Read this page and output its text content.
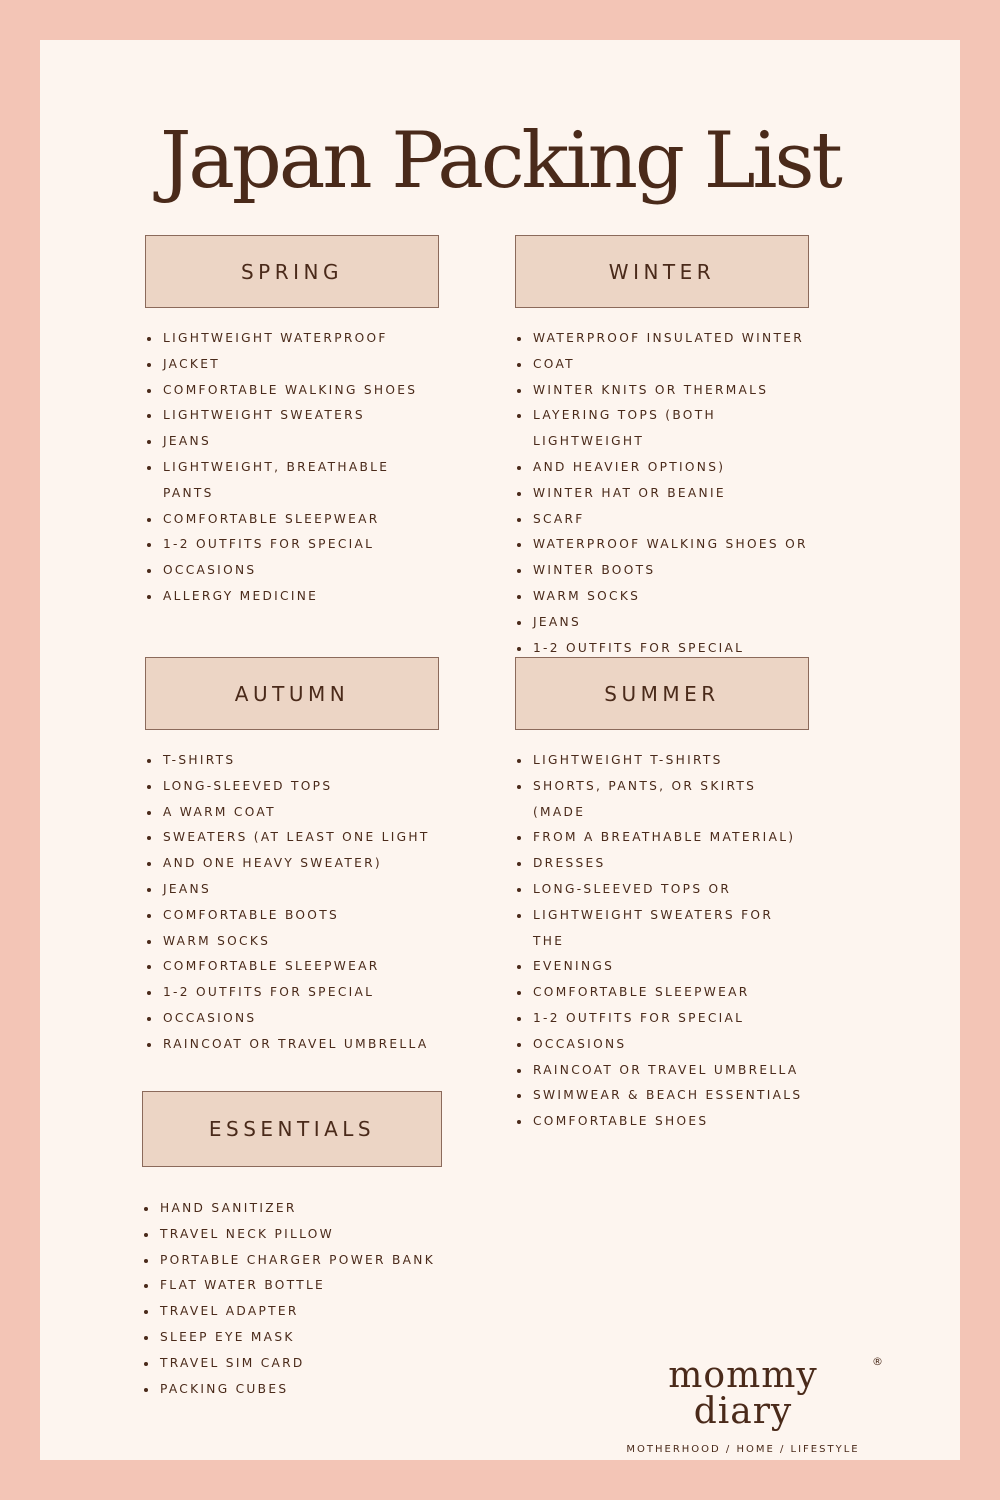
Japan Packing List
SPRING
LIGHTWEIGHT WATERPROOF
JACKET
COMFORTABLE WALKING SHOES
LIGHTWEIGHT SWEATERS
JEANS
LIGHTWEIGHT, BREATHABLE PANTS
COMFORTABLE SLEEPWEAR
1-2 OUTFITS FOR SPECIAL
OCCASIONS
ALLERGY MEDICINE
WINTER
WATERPROOF INSULATED WINTER
COAT
WINTER KNITS OR THERMALS
LAYERING TOPS (BOTH LIGHTWEIGHT
AND HEAVIER OPTIONS)
WINTER HAT OR BEANIE
SCARF
WATERPROOF WALKING SHOES OR
WINTER BOOTS
WARM SOCKS
JEANS
1-2 OUTFITS FOR SPECIAL
AUTUMN
T-SHIRTS
LONG-SLEEVED TOPS
A WARM COAT
SWEATERS (AT LEAST ONE LIGHT
AND ONE HEAVY SWEATER)
JEANS
COMFORTABLE BOOTS
WARM SOCKS
COMFORTABLE SLEEPWEAR
1-2 OUTFITS FOR SPECIAL
OCCASIONS
RAINCOAT OR TRAVEL UMBRELLA
SUMMER
LIGHTWEIGHT T-SHIRTS
SHORTS, PANTS, OR SKIRTS (MADE
FROM A BREATHABLE MATERIAL)
DRESSES
LONG-SLEEVED TOPS OR
LIGHTWEIGHT SWEATERS FOR THE
EVENINGS
COMFORTABLE SLEEPWEAR
1-2 OUTFITS FOR SPECIAL
OCCASIONS
RAINCOAT OR TRAVEL UMBRELLA
SWIMWEAR & BEACH ESSENTIALS
COMFORTABLE SHOES
ESSENTIALS
HAND SANITIZER
TRAVEL NECK PILLOW
PORTABLE CHARGER POWER BANK
FLAT WATER BOTTLE
TRAVEL ADAPTER
SLEEP EYE MASK
TRAVEL SIM CARD
PACKING CUBES	mommy diary
®
MOTHERHOOD / HOME / LIFESTYLE
